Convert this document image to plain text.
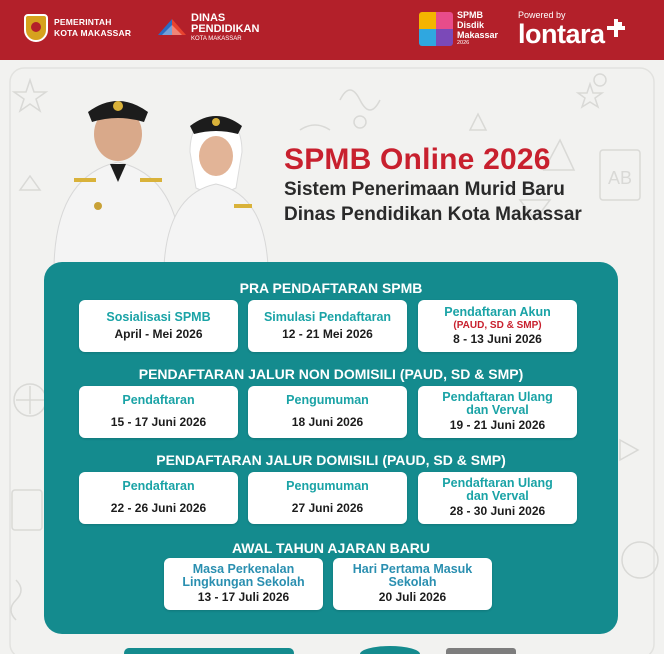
PEMERINTAH
KOTA MAKASSAR
DINAS
PENDIDIKAN
KOTA MAKASSAR
SPMB
Disdik
Makassar
2026
Powered by
lontara
AB
SPMB Online 2026
Sistem Penerimaan Murid Baru
Dinas Pendidikan Kota Makassar
PRA PENDAFTARAN SPMB
Sosialisasi SPMB
April - Mei 2026
Simulasi Pendaftaran
12 - 21 Mei 2026
Pendaftaran Akun
(PAUD, SD & SMP)
8 - 13 Juni 2026
PENDAFTARAN JALUR NON DOMISILI (PAUD, SD & SMP)
Pendaftaran
15 - 17 Juni 2026
Pengumuman
18 Juni 2026
Pendaftaran Ulang
dan Verval
19 - 21 Juni 2026
PENDAFTARAN JALUR DOMISILI (PAUD, SD & SMP)
Pendaftaran
22 - 26 Juni 2026
Pengumuman
27 Juni 2026
Pendaftaran Ulang
dan Verval
28 - 30 Juni 2026
AWAL TAHUN AJARAN BARU
Masa Perkenalan
Lingkungan Sekolah
13 - 17 Juli 2026
Hari Pertama Masuk
Sekolah
20 Juli 2026
